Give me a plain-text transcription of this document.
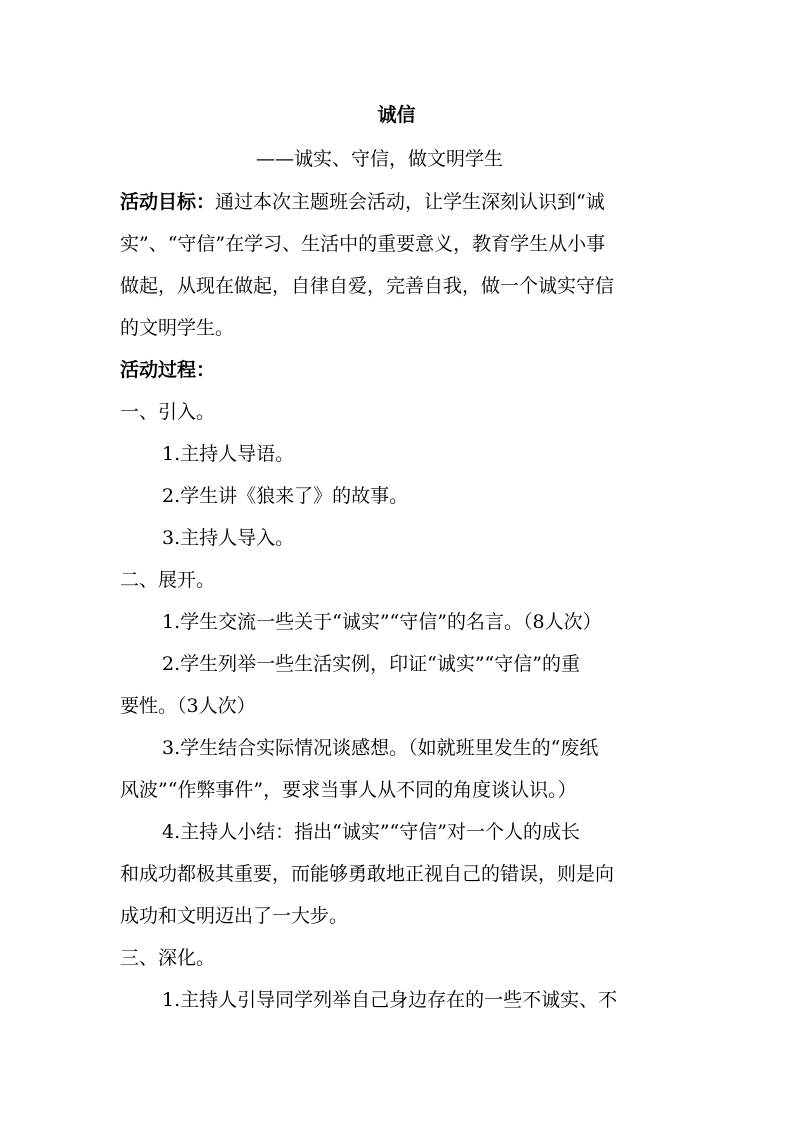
诚信
——诚实、守信，做文明学生
活动目标：通过本次主题班会活动，让学生深刻认识到“诚
实”、“守信”在学习、生活中的重要意义，教育学生从小事
做起，从现在做起，自律自爱，完善自我，做一个诚实守信
的文明学生。
活动过程：
一、引入。
1.主持人导语。
2.学生讲《狼来了》的故事。
3.主持人导入。
二、展开。
1.学生交流一些关于“诚实”“守信”的名言。（8人次）
2.学生列举一些生活实例，印证“诚实”“守信”的重
要性。（3人次）
3.学生结合实际情况谈感想。（如就班里发生的“废纸
风波”“作弊事件”，要求当事人从不同的角度谈认识。）
4.主持人小结：指出“诚实”“守信”对一个人的成长
和成功都极其重要，而能够勇敢地正视自己的错误，则是向
成功和文明迈出了一大步。
三、深化。
1.主持人引导同学列举自己身边存在的一些不诚实、不
